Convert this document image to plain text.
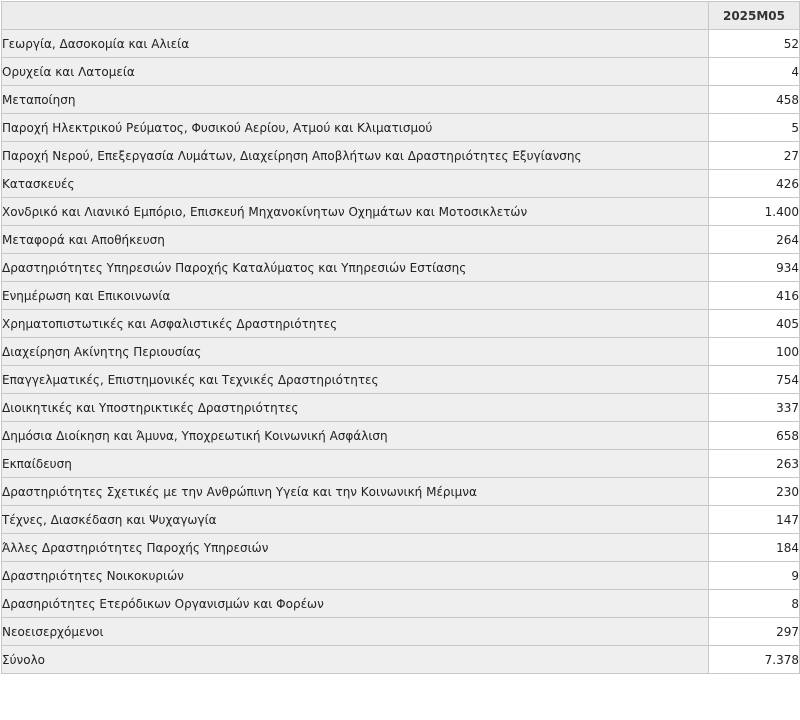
	2025M05
Γεωργία, Δασοκομία και Αλιεία	52
Ορυχεία και Λατομεία	4
Μεταποίηση	458
Παροχή Ηλεκτρικού Ρεύματος, Φυσικού Αερίου, Ατμού και Κλιματισμού	5
Παροχή Νερού, Επεξεργασία Λυμάτων, Διαχείρηση Αποβλήτων και Δραστηριότητες Εξυγίανσης	27
Κατασκευές	426
Χονδρικό και Λιανικό Εμπόριο, Επισκευή Μηχανοκίνητων Οχημάτων και Μοτοσικλετών	1.400
Μεταφορά και Αποθήκευση	264
Δραστηριότητες Υπηρεσιών Παροχής Καταλύματος και Υπηρεσιών Εστίασης	934
Ενημέρωση και Επικοινωνία	416
Χρηματοπιστωτικές και Ασφαλιστικές Δραστηριότητες	405
Διαχείρηση Ακίνητης Περιουσίας	100
Επαγγελματικές, Επιστημονικές και Τεχνικές Δραστηριότητες	754
Διοικητικές και Υποστηρικτικές Δραστηριότητες	337
Δημόσια Διοίκηση και Άμυνα, Υποχρεωτική Κοινωνική Ασφάλιση	658
Εκπαίδευση	263
Δραστηριότητες Σχετικές με την Ανθρώπινη Υγεία και την Κοινωνική Μέριμνα	230
Τέχνες, Διασκέδαση και Ψυχαγωγία	147
Άλλες Δραστηριότητες Παροχής Υπηρεσιών	184
Δραστηριότητες Νοικοκυριών	9
Δρασηριότητες Ετερόδικων Οργανισμών και Φορέων	8
Νεοεισερχόμενοι	297
Σύνολο	7.378
